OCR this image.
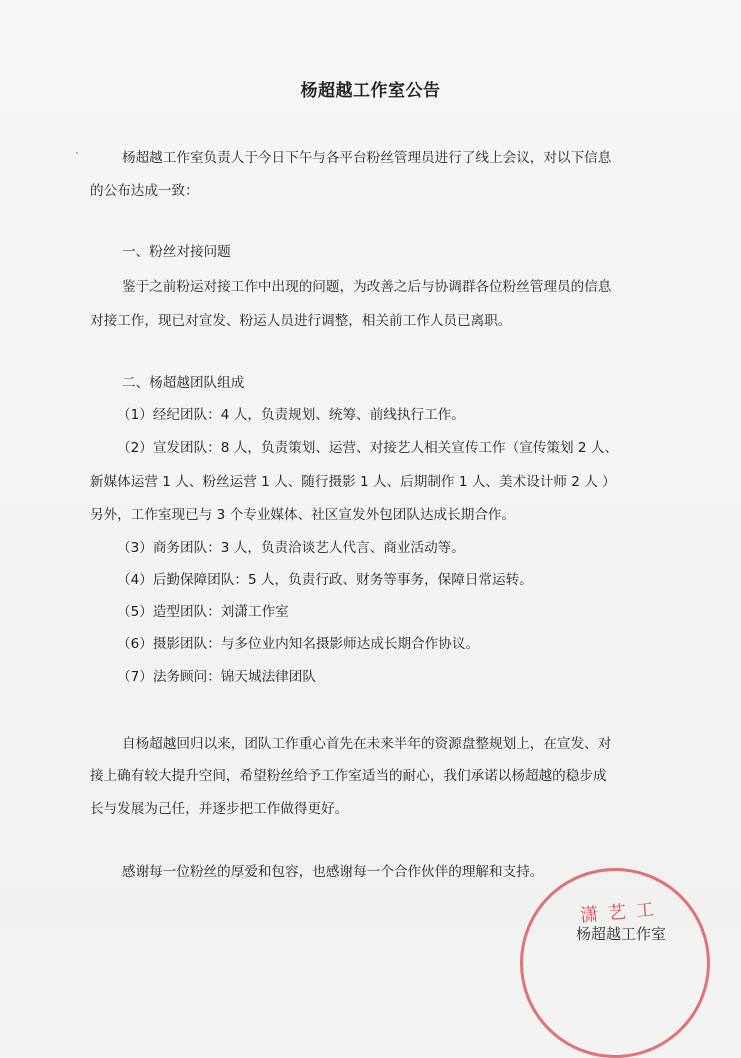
杨超越工作室公告
杨超越工作室负责人于今日下午与各平台粉丝管理员进行了线上会议，对以下信息
的公布达成一致：
一、粉丝对接问题
鉴于之前粉运对接工作中出现的问题，为改善之后与协调群各位粉丝管理员的信息
对接工作，现已对宣发、粉运人员进行调整，相关前工作人员已离职。
二、杨超越团队组成
（1）经纪团队：4 人，负责规划、统筹、前线执行工作。
（2）宣发团队：8 人，负责策划、运营、对接艺人相关宣传工作（宣传策划 2 人、
新媒体运营 1 人、粉丝运营 1 人、随行摄影 1 人、后期制作 1 人、美术设计师 2 人 ）
另外，工作室现已与 3 个专业媒体、社区宣发外包团队达成长期合作。
（3）商务团队：3 人，负责洽谈艺人代言、商业活动等。
（4）后勤保障团队：5 人，负责行政、财务等事务，保障日常运转。
（5）造型团队：刘潇工作室
（6）摄影团队：与多位业内知名摄影师达成长期合作协议。
（7）法务顾问：锦天城法律团队
自杨超越回归以来，团队工作重心首先在未来半年的资源盘整规划上，在宣发、对
接上确有较大提升空间，希望粉丝给予工作室适当的耐心，我们承诺以杨超越的稳步成
长与发展为己任，并逐步把工作做得更好。
感谢每一位粉丝的厚爱和包容，也感谢每一个合作伙伴的理解和支持。
潇艺工
杨超越工作室
